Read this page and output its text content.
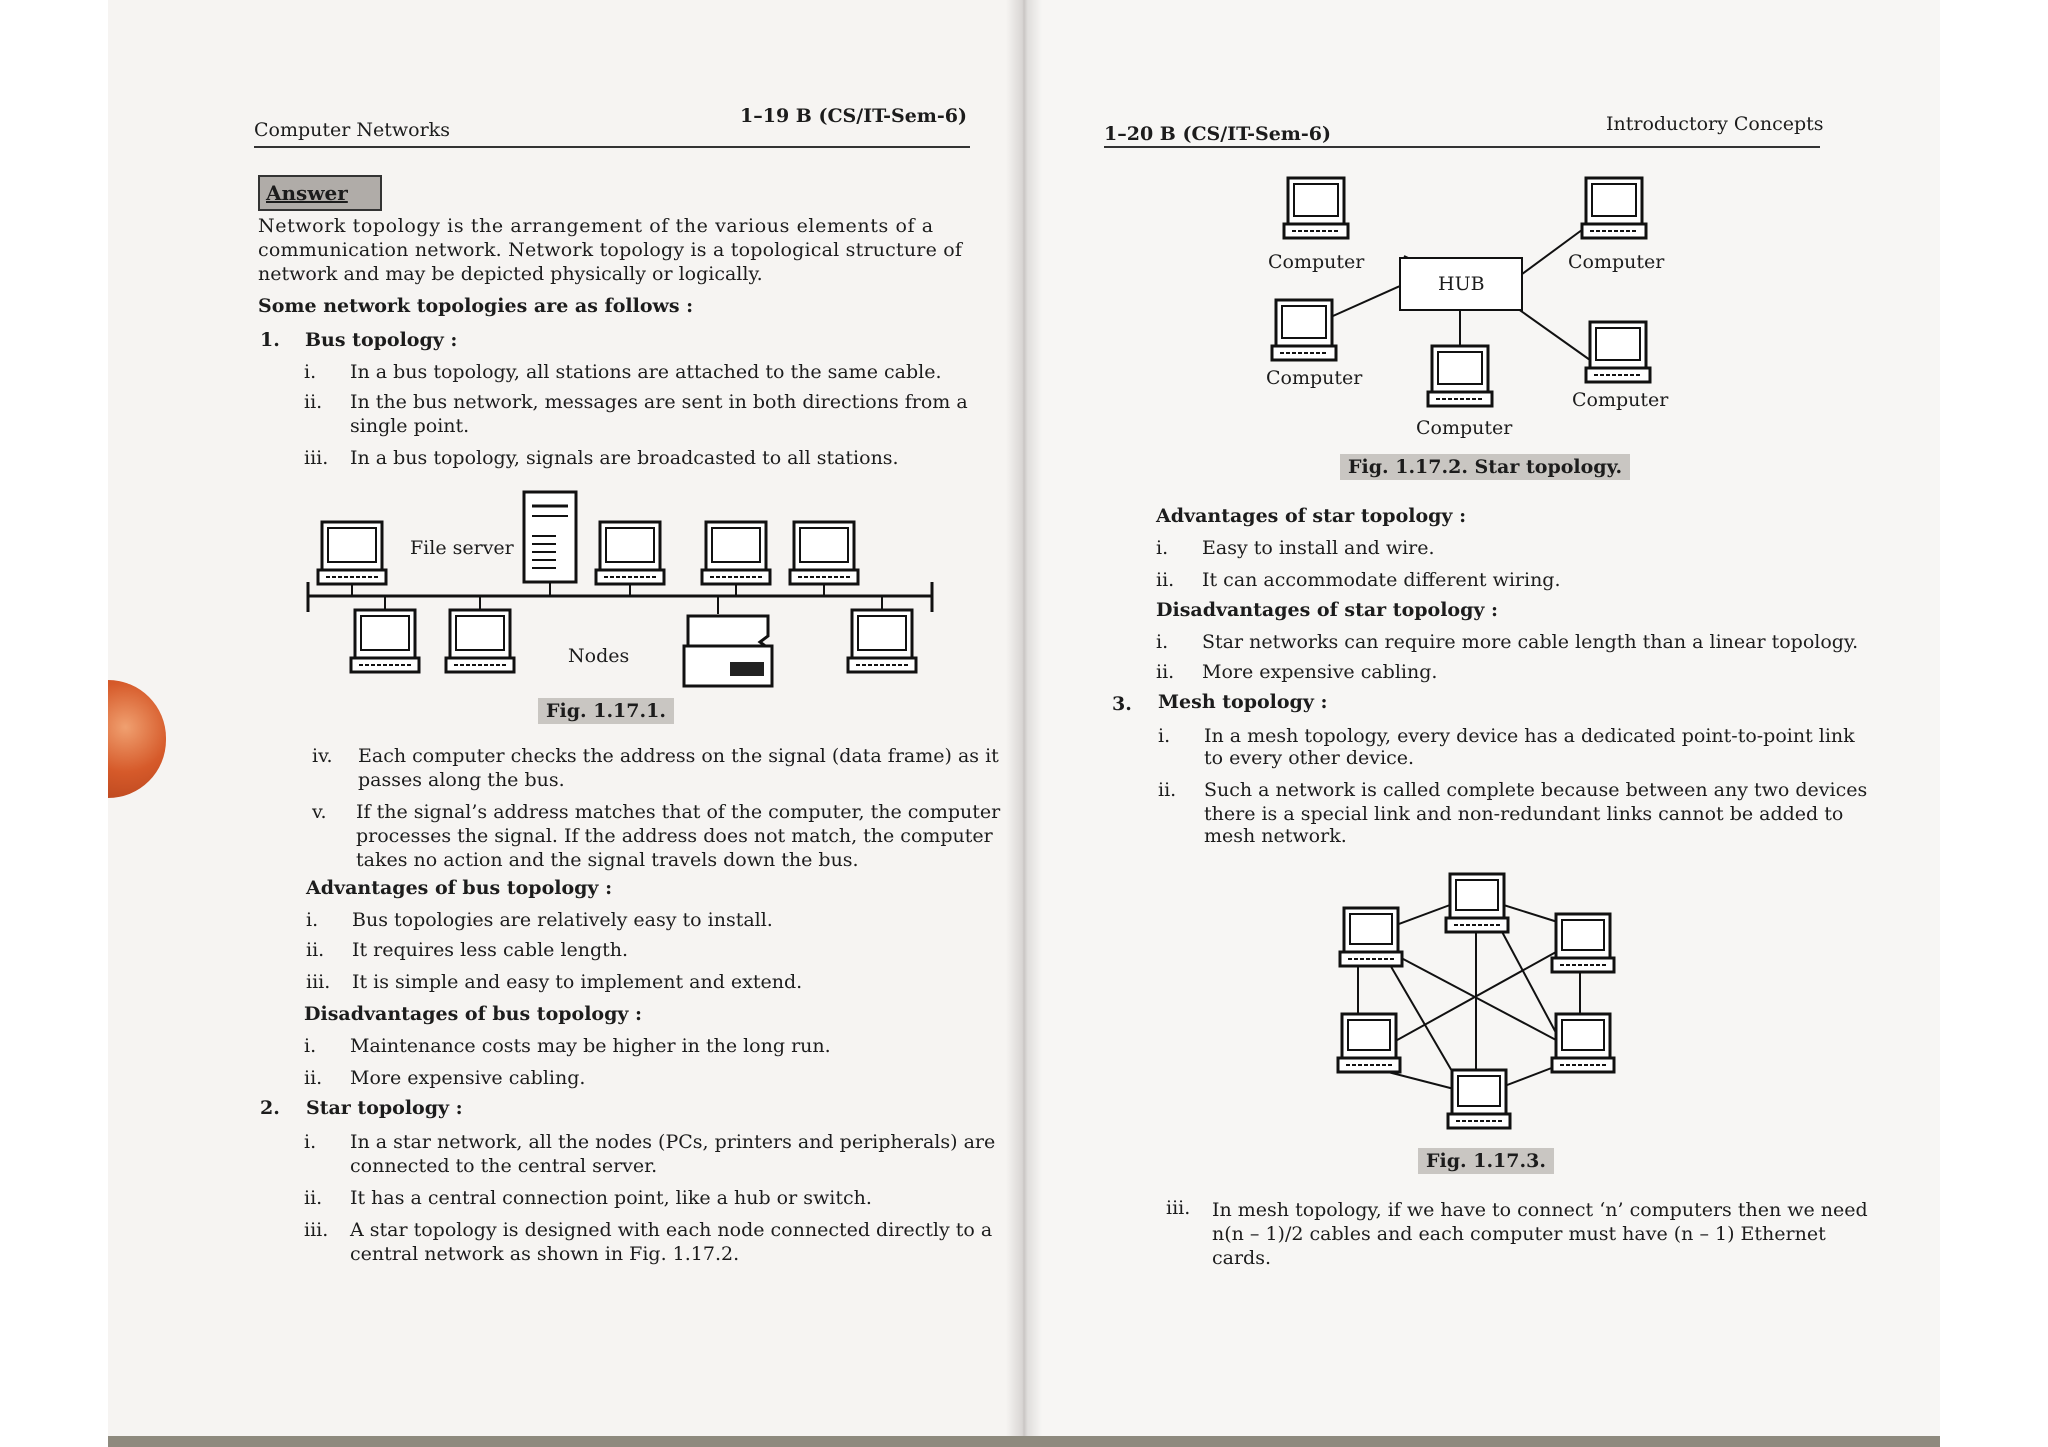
Computer Networks
1–19 B (CS/IT-Sem-6)
Answer
Network topology is the arrangement of the various elements of a
communication network. Network topology is a topological structure of
network and may be depicted physically or logically.
Some network topologies are as follows :
1. Bus topology :
i. In a bus topology, all stations are attached to the same cable.
ii. In the bus network, messages are sent in both directions from a
single point.
iii. In a bus topology, signals are broadcasted to all stations.
File server
Nodes
Fig. 1.17.1.
iv. Each computer checks the address on the signal (data frame) as it
passes along the bus.
v. If the signal’s address matches that of the computer, the computer
processes the signal. If the address does not match, the computer
takes no action and the signal travels down the bus.
Advantages of bus topology :
i. Bus topologies are relatively easy to install.
ii. It requires less cable length.
iii. It is simple and easy to implement and extend.
Disadvantages of bus topology :
i. Maintenance costs may be higher in the long run.
ii. More expensive cabling.
2. Star topology :
i. In a star network, all the nodes (PCs, printers and peripherals) are
connected to the central server.
ii. It has a central connection point, like a hub or switch.
iii. A star topology is designed with each node connected directly to a
central network as shown in Fig. 1.17.2.
1–20 B (CS/IT-Sem-6)	Introductory Concepts
HUB
Computer	Computer
Computer
Computer
Computer
Fig. 1.17.2. Star topology.
Advantages of star topology :
i. Easy to install and wire.
ii. It can accommodate different wiring.
Disadvantages of star topology :
i. Star networks can require more cable length than a linear topology.
ii. More expensive cabling.
3. Mesh topology :
i. In a mesh topology, every device has a dedicated point-to-point link
to every other device.
ii. Such a network is called complete because between any two devices
there is a special link and non-redundant links cannot be added to
mesh network.
Fig. 1.17.3.
iii. In mesh topology, if we have to connect ‘n’ computers then we need
n(n – 1)/2 cables and each computer must have (n – 1) Ethernet
cards.
